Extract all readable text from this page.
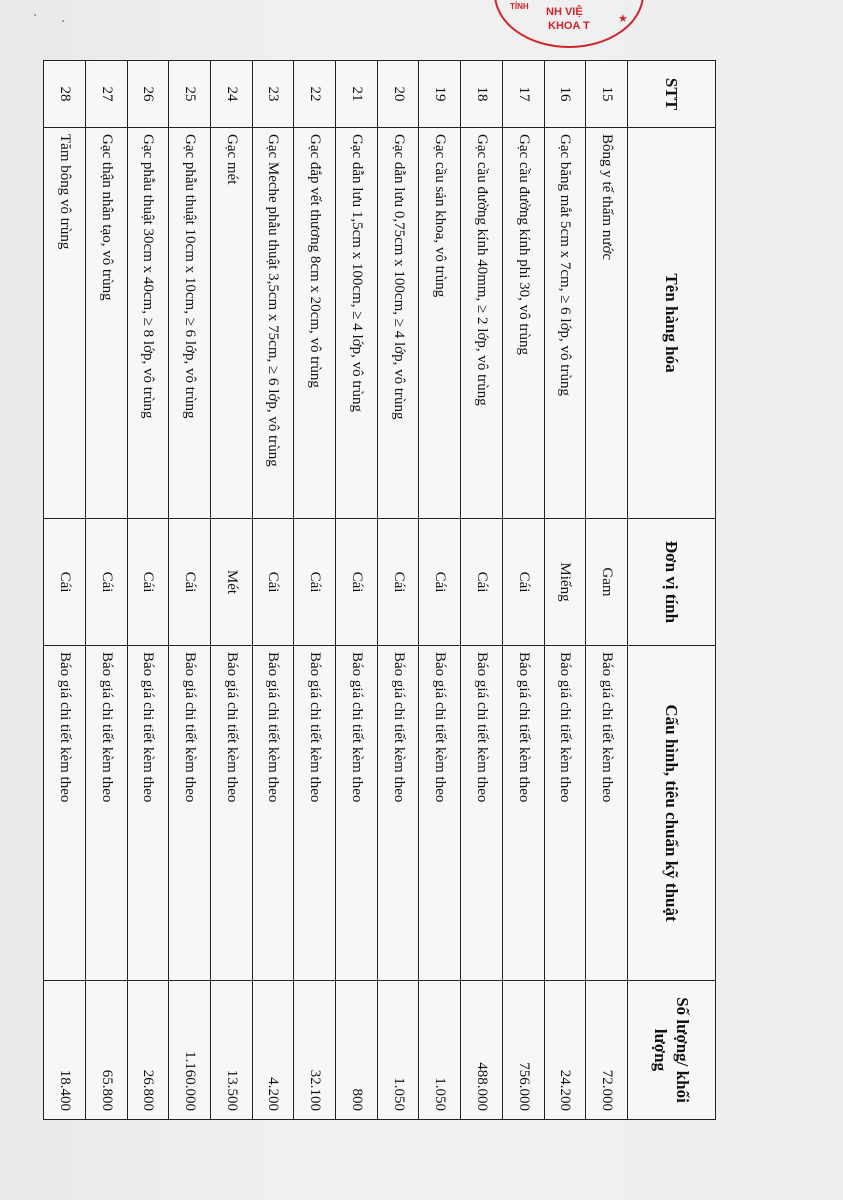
TỈNH NH VIỆ
KHOA T
★
STT	Tên hàng hóa	Đơn vị tính	Cấu hình, tiêu chuẩn kỹ thuật	Số lượng/ khối lượng
15	Bông y tế thấm nước	Gam	Báo giá chi tiết kèm theo	72.000
16	Gạc băng mắt 5cm x 7cm, ≥ 6 lớp, vô trùng	Miếng	Báo giá chi tiết kèm theo	24.200
17	Gạc cầu đường kính phi 30, vô trùng	Cái	Báo giá chi tiết kèm theo	756.000
18	Gạc cầu đường kính 40mm, ≥ 2 lớp, vô trùng	Cái	Báo giá chi tiết kèm theo	488.000
19	Gạc cầu sản khoa, vô trùng	Cái	Báo giá chi tiết kèm theo	1.050
20	Gạc dẫn lưu 0,75cm x 100cm, ≥ 4 lớp, vô trùng	Cái	Báo giá chi tiết kèm theo	1.050
21	Gạc dẫn lưu 1,5cm x 100cm, ≥ 4 lớp, vô trùng	Cái	Báo giá chi tiết kèm theo	800
22	Gạc đắp vết thương 8cm x 20cm, vô trùng	Cái	Báo giá chi tiết kèm theo	32.100
23	Gạc Meche phẫu thuật 3,5cm x 75cm, ≥ 6 lớp, vô trùng	Cái	Báo giá chi tiết kèm theo	4.200
24	Gạc mét	Mét	Báo giá chi tiết kèm theo	13.500
25	Gạc phẫu thuật 10cm x 10cm, ≥ 6 lớp, vô trùng	Cái	Báo giá chi tiết kèm theo	1.160.000
26	Gạc phẫu thuật 30cm x 40cm, ≥ 8 lớp, vô trùng	Cái	Báo giá chi tiết kèm theo	26.800
27	Gạc thận nhân tạo, vô trùng	Cái	Báo giá chi tiết kèm theo	65.800
28	Tăm bông vô trùng	Cái	Báo giá chi tiết kèm theo	18.400
